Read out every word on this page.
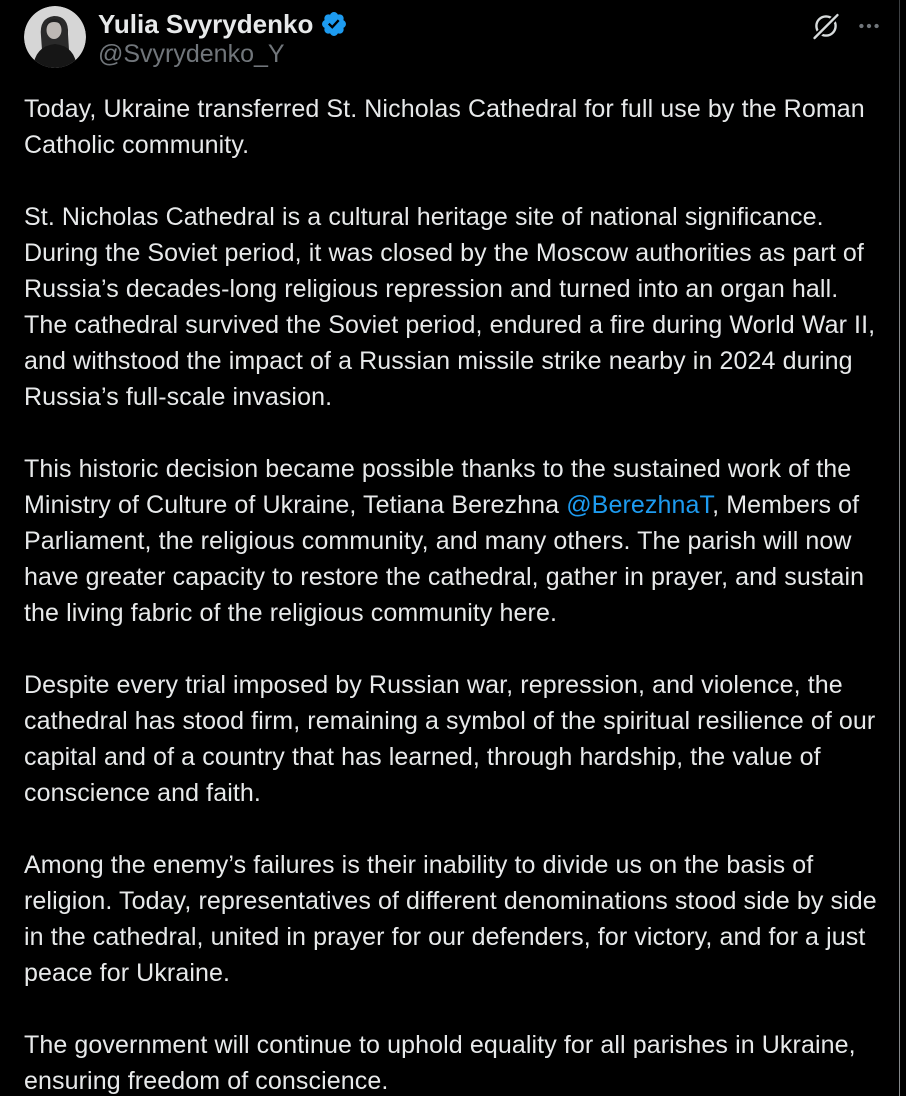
Yulia Svyrydenko
@Svyrydenko_Y

Today, Ukraine transferred St. Nicholas Cathedral for full use by the Roman Catholic community.

St. Nicholas Cathedral is a cultural heritage site of national significance. During the Soviet period, it was closed by the Moscow authorities as part of Russia’s decades-long religious repression and turned into an organ hall. The cathedral survived the Soviet period, endured a fire during World War II, and withstood the impact of a Russian missile strike nearby in 2024 during Russia’s full-scale invasion.

This historic decision became possible thanks to the sustained work of the Ministry of Culture of Ukraine, Tetiana Berezhna @BerezhnaT, Members of Parliament, the religious community, and many others. The parish will now have greater capacity to restore the cathedral, gather in prayer, and sustain the living fabric of the religious community here.

Despite every trial imposed by Russian war, repression, and violence, the cathedral has stood firm, remaining a symbol of the spiritual resilience of our capital and of a country that has learned, through hardship, the value of conscience and faith.

Among the enemy’s failures is their inability to divide us on the basis of religion. Today, representatives of different denominations stood side by side in the cathedral, united in prayer for our defenders, for victory, and for a just peace for Ukraine.

The government will continue to uphold equality for all parishes in Ukraine, ensuring freedom of conscience.
